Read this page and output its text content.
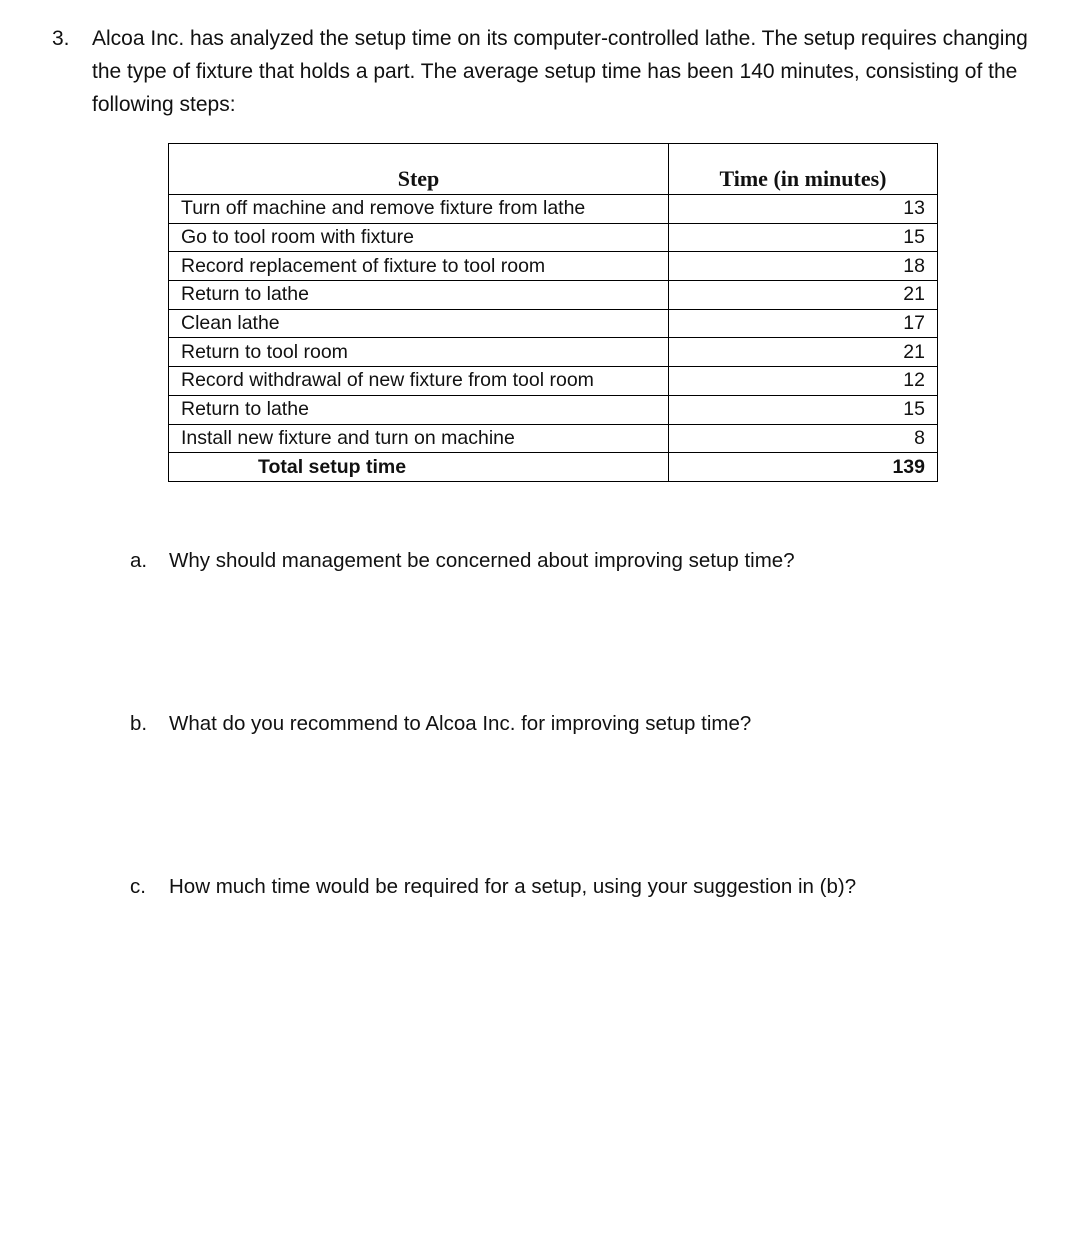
3. Alcoa Inc. has analyzed the setup time on its computer-controlled lathe. The setup requires changing the type of fixture that holds a part. The average setup time has been 140 minutes, consisting of the following steps:
Step	Time (in minutes)
Turn off machine and remove fixture from lathe	13
Go to tool room with fixture	15
Record replacement of fixture to tool room	18
Return to lathe	21
Clean lathe	17
Return to tool room	21
Record withdrawal of new fixture from tool room	12
Return to lathe	15
Install new fixture and turn on machine	8
Total setup time	139
a. Why should management be concerned about improving setup time?
b. What do you recommend to Alcoa Inc. for improving setup time?
c. How much time would be required for a setup, using your suggestion in (b)?
